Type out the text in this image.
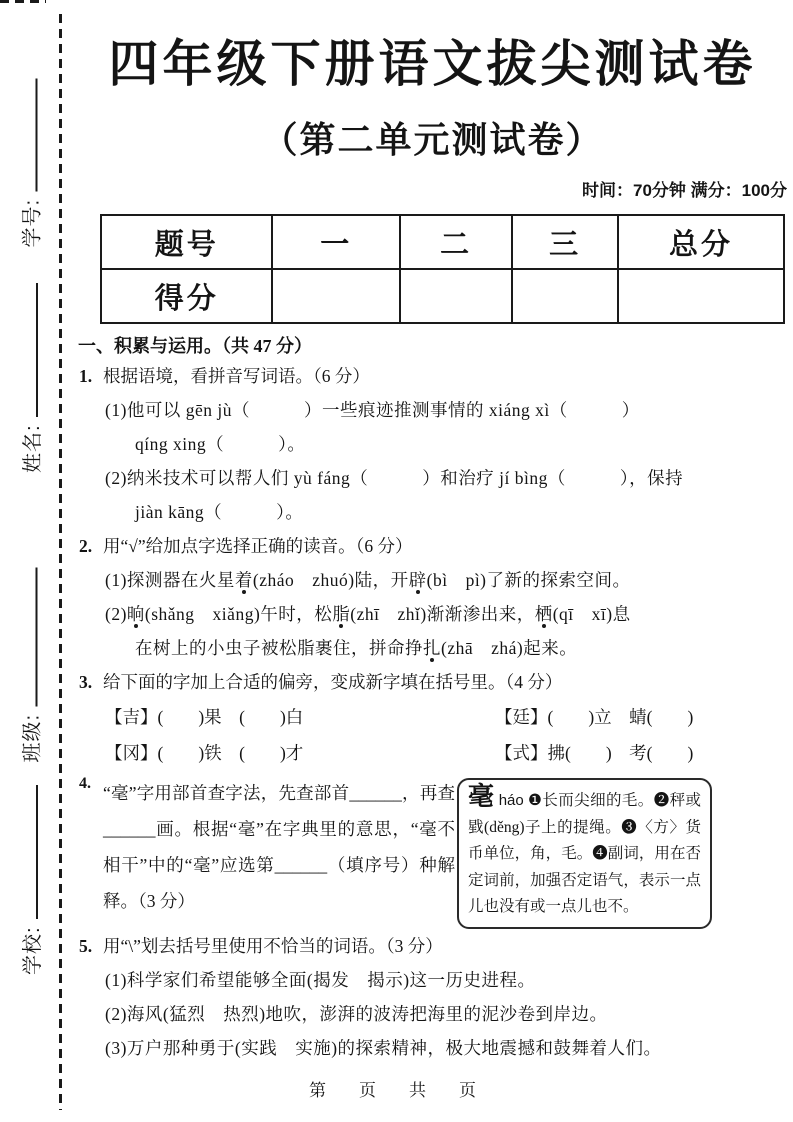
学号:
姓名:
班级:
学校:
四年级下册语文拔尖测试卷
（第二单元测试卷）
时间：70分钟 满分：100分
题号	一	二	三	总分
得分				
一、积累与运用。（共 47 分）
1. 根据语境，看拼音写词语。（6 分）
(1)他可以 gēn jù（　　　）一些痕迹推测事情的 xiáng xì（　　　）
qíng xing（　　　）。
(2)纳米技术可以帮人们 yù fáng（　　　）和治疗 jí bìng（　　　），保持
jiàn kāng（　　　）。
2. 用“√”给加点字选择正确的读音。（6 分）
(1)探测器在火星着(zháo　zhuó)陆，开辟(bì　pì)了新的探索空间。
(2)晌(shǎng　xiǎng)午时，松脂(zhī　zhǐ)渐渐渗出来，栖(qī　xī)息
在树上的小虫子被松脂裹住，拼命挣扎(zhā　zhá)起来。
3. 给下面的字加上合适的偏旁，变成新字填在括号里。（4 分）
【吉】(　　)果　(　　)白	【廷】(　　)立　蜻(　　)
【冈】(　　)铁　(　　)才	【式】拂(　　)　考(　　)
4. “毫”字用部首查字法，先查部首______，再查______画。根据“毫”在字典里的意思，“毫不相干”中的“毫”应选第______（填序号）种解释。（3 分）
毫 háo ❶长而尖细的毛。❷秤或戥(děng)子上的提绳。❸〈方〉货币单位，角，毛。❹副词，用在否定词前，加强否定语气，表示一点儿也没有或一点儿也不。
5. 用“\”划去括号里使用不恰当的词语。（3 分）
(1)科学家们希望能够全面(揭发　揭示)这一历史进程。
(2)海风(猛烈　热烈)地吹，澎湃的波涛把海里的泥沙卷到岸边。
(3)万户那种勇于(实践　实施)的探索精神，极大地震撼和鼓舞着人们。
第　页　共　页
